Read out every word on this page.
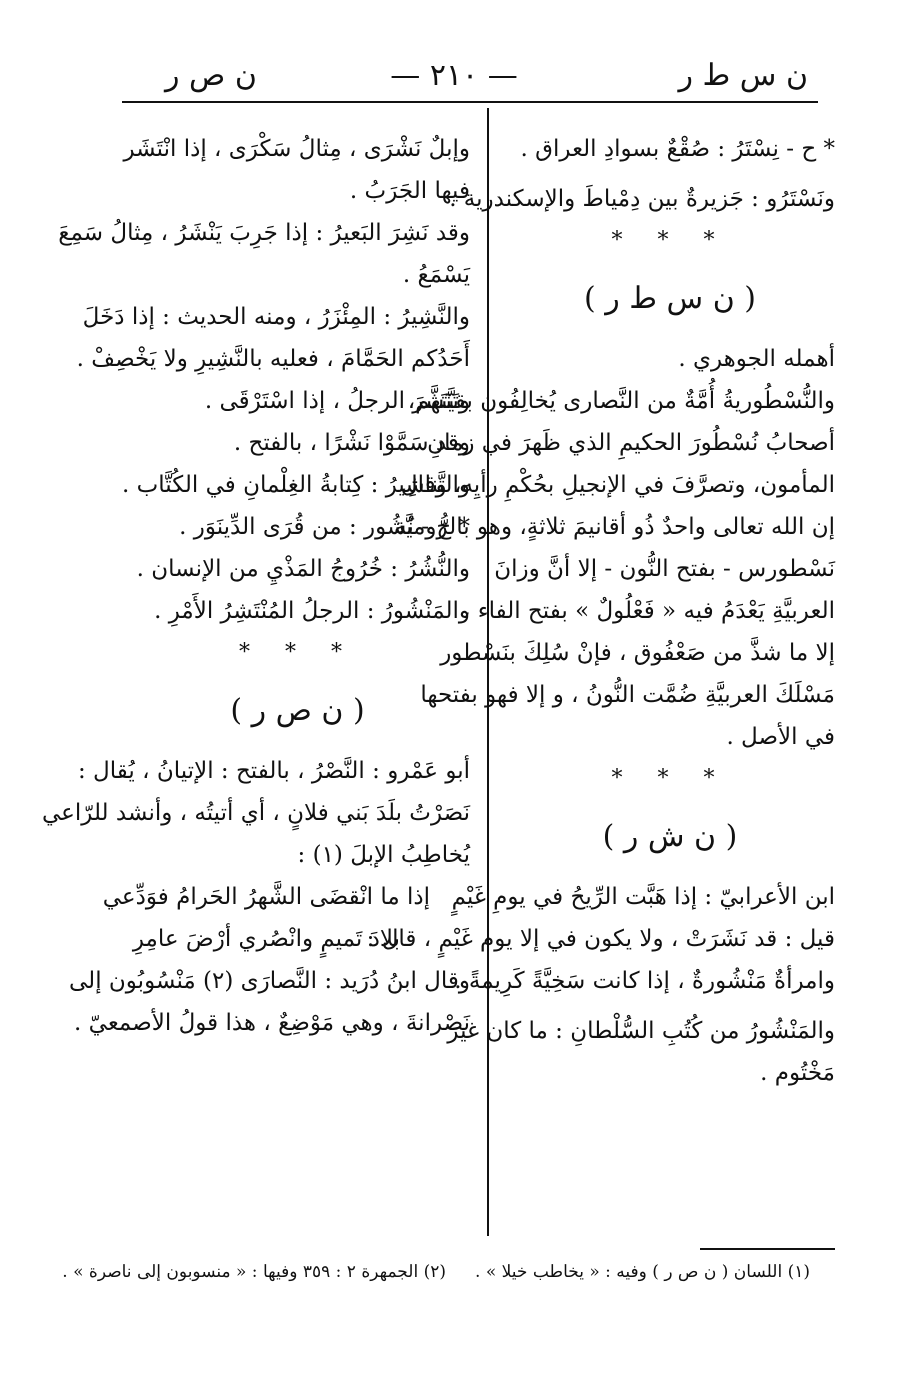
ن س ط ر
— ٢١٠ —
ن ص ر
* ح - نِسْتَرُ : صُقْعٌ بسوادِ العراق .
ونَسْتَرُو : جَزيرةٌ بين دِمْياطَ والإسكندرية .
* * *
( ن س ط ر )
أهمله الجوهري .
والنُّسْطُوريةُ أُمَّةٌ من النَّصارى يُخالِفُون بقيَّتَهم،
أصحابُ نُسْطُورَ الحكيمِ الذي ظَهرَ في زمانِ
المأمون، وتصرَّفَ في الإنجيلِ بحُكْمِ رأيِه، وقال
إن الله تعالى واحدٌ ذُو أقانيمَ ثلاثةٍ، وهو بالرُّوميَّة
نَسْطورس - بفتح النُّون - إلا أنَّ وزانَ
العربيَّةِ يَعْدَمُ فيه « فَعْلُولٌ » بفتح الفاء ،
إلا ما شذَّ من صَعْفُوق ، فإنْ سُلِكَ بنَسْطور
مَسْلَكَ العربيَّةِ ضُمَّت النُّونُ ، و إلا فهو بفتحها
في الأصل .
* * *
( ن ش ر )
ابن الأعرابيّ : إذا هَبَّت الرِّيحُ في يومِ غَيْمٍ
قيل : قد نَشَرَتْ ، ولا يكون في إلا يوم غَيْمٍ ، قال :
وامرأةٌ مَنْشُورةٌ ، إذا كانت سَخِيَّةً كَرِيمةً .
والمَنْشُورُ من كُتُبِ السُّلْطانِ : ما كان غيرَ
مَخْتُوم .
وإبلٌ نَشْرَى ، مِثالُ سَكْرَى ، إذا انْتَشَر
فيها الجَرَبُ .
وقد نَشِرَ البَعيرُ : إذا جَرِبَ يَنْشَرُ ، مِثالُ سَمِعَ
يَسْمَعُ .
والنَّشِيرُ : المِئْزَرُ ، ومنه الحديث : إذا دَخَلَ
أَحَدُكم الحَمَّامَ ، فعليه بالنَّشِيرِ ولا يَخْصِفْ .
وتَنَشَّرَ الرجلُ ، إذا اسْتَرْقَى .
وقد سَمَّوْا نَشْرًا ، بالفتح .
والتَّناشِيرُ : كِتابةُ الغِلْمانِ في الكُتَّاب .
* ح - نُشُور : من قُرَى الدِّينَوَر .
والنُّشُرُ : خُرُوجُ المَذْيِ من الإنسان .
والمَنْشُورُ : الرجلُ المُنْتَشِرُ الأَمْرِ .
* * *
( ن ص ر )
أبو عَمْرو : النَّصْرُ ، بالفتح : الإتيانُ ، يُقال :
نَصَرْتُ بلَدَ بَني فلانٍ ، أي أتيتُه ، وأنشد للرّاعي
يُخاطِبُ الإبلَ (١) :
إذا ما انْقضَى الشَّهرُ الحَرامُ فوَدِّعي
بلادَ تَميمٍ وانْصُري أرْضَ عامِرِ
وقال ابنُ دُرَيد : النَّصارَى (٢) مَنْسُوبُون إلى
نَصْرانةَ ، وهي مَوْضِعٌ ، هذا قولُ الأصمعيّ .
(١) اللسان ( ن ص ر ) وفيه : « يخاطب خيلا » .
(٢) الجمهرة ٢ : ٣٥٩ وفيها : « منسوبون إلى ناصرة » .
